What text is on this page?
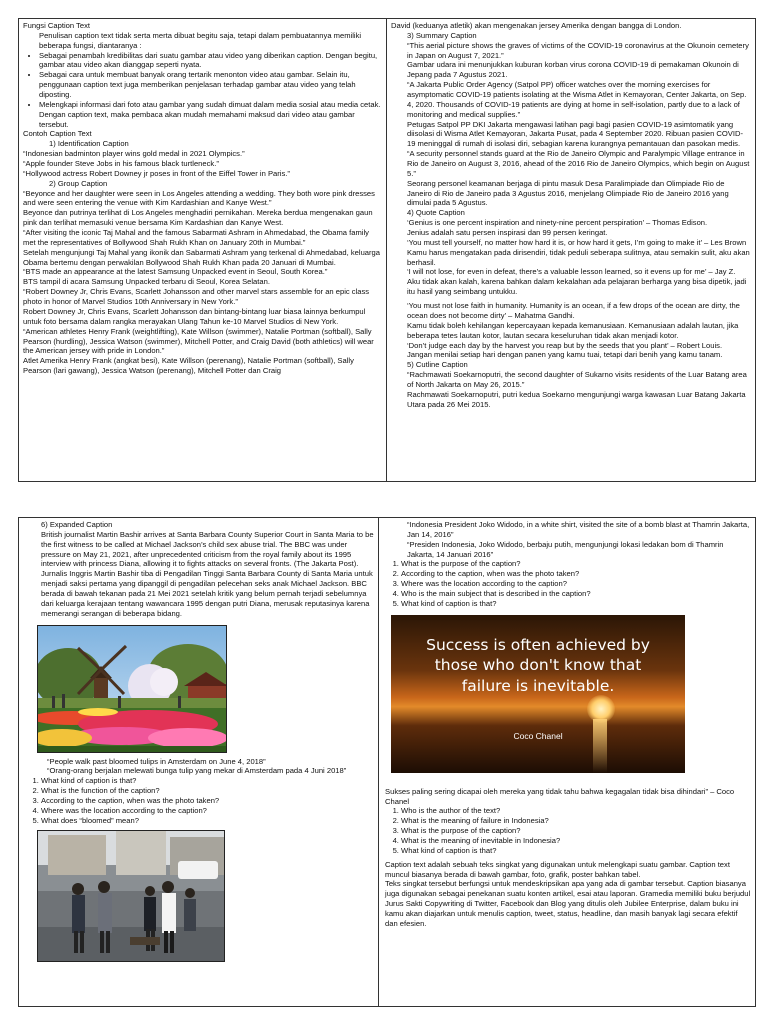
Fungsi Caption Text

Penulisan caption text tidak serta merta dibuat begitu saja, tetapi dalam pembuatannya memiliki beberapa fungsi, diantaranya :

• Sebagai penambah kredibilitas dari suatu gambar atau video yang diberikan caption. Dengan begitu, gambar atau video akan dianggap seperti nyata.
• Sebagai cara untuk membuat banyak orang tertarik menonton video atau gambar. Selain itu, penggunaan caption text juga memberikan penjelasan terhadap gambar atau video yang telah diposting.
• Melengkapi informasi dari foto atau gambar yang sudah dimuat dalam media sosial atau media cetak. Dengan caption text, maka pembaca akan mudah memahami maksud dari video atau gambar tersebut.

Contoh Caption Text

1) Identification Caption

“Indonesian badminton player wins gold medal in 2021 Olympics.”

“Apple founder Steve Jobs in his famous black turtleneck.”

“Hollywood actress Robert Downey jr poses in front of the Eiffel Tower in Paris.”

2) Group Caption

“Beyonce and her daughter were seen in Los Angeles attending a wedding. They both wore pink dresses and were seen entering the venue with Kim Kardashian and Kanye West.”

Beyonce dan putrinya terlihat di Los Angeles menghadiri pernikahan. Mereka berdua mengenakan gaun pink dan terlihat memasuki venue bersama Kim Kardashian dan Kanye West.

“After visiting the iconic Taj Mahal and the famous Sabarmati Ashram in Ahmedabad, the Obama family met the representatives of Bollywood Shah Rukh Khan on January 20th in Mumbai.”

Setelah mengunjungi Taj Mahal yang ikonik dan Sabarmati Ashram yang terkenal di Ahmedabad, keluarga Obama bertemu dengan perwakilan Bollywood Shah Rukh Khan pada 20 Januari di Mumbai.

“BTS made an appearance at the latest Samsung Unpacked event in Seoul, South Korea.”

BTS tampil di acara Samsung Unpacked terbaru di Seoul, Korea Selatan.

“Robert Downey Jr, Chris Evans, Scarlett Johansson and other marvel stars assemble for an epic class photo in honor of Marvel Studios 10th Anniversary in New York.”

Robert Downey Jr, Chris Evans, Scarlett Johansson dan bintang-bintang luar biasa lainnya berkumpul untuk foto bersama dalam rangka merayakan Ulang Tahun ke-10 Marvel Studios di New York.

“American athletes Henry Frank (weightlifting), Kate Willson (swimmer), Natalie Portman (softball), Sally Pearson (hurdling), Jessica Watson (swimmer), Mitchell Potter, and Craig David (both athletics) will wear the American jersey with pride in London.”

Atlet Amerika Henry Frank (angkat besi), Kate Willson (perenang), Natalie Portman (softball), Sally Pearson (lari gawang), Jessica Watson (perenang), Mitchell Potter dan Craig

David (keduanya atletik) akan mengenakan jersey Amerika dengan bangga di London.

3) Summary Caption

“This aerial picture shows the graves of victims of the COVID-19 coronavirus at the Okunoin cemetery in Japan on August 7, 2021.”

Gambar udara ini menunjukkan kuburan korban virus corona COVID-19 di pemakaman Okunoin di Jepang pada 7 Agustus 2021.

“A Jakarta Public Order Agency (Satpol PP) officer watches over the morning exercises for asymptomatic COVID-19 patients isolating at the Wisma Atlet in Kemayoran, Center Jakarta, on Sep. 4, 2020. Thousands of COVID-19 patients are dying at home in self-isolation, partly due to a lack of monitoring and medical supplies.”

Petugas Satpol PP DKI Jakarta mengawasi latihan pagi bagi pasien COVID-19 asimtomatik yang diisolasi di Wisma Atlet Kemayoran, Jakarta Pusat, pada 4 September 2020. Ribuan pasien COVID-19 meninggal di rumah di isolasi diri, sebagian karena kurangnya pemantauan dan pasokan medis.

“A security personnel stands guard at the Rio de Janeiro Olympic and Paralympic Village entrance in Rio de Janeiro on August 3, 2016, ahead of the 2016 Rio de Janeiro Olympics, which begin on August 5.”

Seorang personel keamanan berjaga di pintu masuk Desa Paralimpiade dan Olimpiade Rio de Janeiro di Rio de Janeiro pada 3 Agustus 2016, menjelang Olimpiade Rio de Janeiro 2016 yang dimulai pada 5 Agustus.

4) Quote Caption

‘Genius is one percent inspiration and ninety-nine percent perspiration’ – Thomas Edison.

Jenius adalah satu persen inspirasi dan 99 persen keringat.

‘You must tell yourself, no matter how hard it is, or how hard it gets, I’m going to make it’ – Les Brown

Kamu harus mengatakan pada dirisendiri, tidak peduli seberapa sulitnya, atau semakin sulit, aku akan berhasil.

‘I will not lose, for even in defeat, there’s a valuable lesson learned, so it evens up for me’ – Jay Z.

Aku tidak akan kalah, karena bahkan dalam kekalahan ada pelajaran berharga yang bisa dipetik, jadi itu hasil yang seimbang untukku.

‘You must not lose faith in humanity. Humanity is an ocean, if a few drops of the ocean are dirty, the ocean does not become dirty’ – Mahatma Gandhi.

Kamu tidak boleh kehilangan kepercayaan kepada kemanusiaan. Kemanusiaan adalah lautan, jika beberapa tetes lautan kotor, lautan secara keseluruhan tidak akan menjadi kotor.

‘Don’t judge each day by the harvest you reap but by the seeds that you plant’ – Robert Louis.

Jangan menilai setiap hari dengan panen yang kamu tuai, tetapi dari benih yang kamu tanam.

5) Cutline Caption

“Rachmawati Soekarnoputri, the second daughter of Sukarno visits residents of the Luar Batang area of North Jakarta on May 26, 2015.”

Rachmawati Soekarnoputri, putri kedua Soekarno mengunjungi warga kawasan Luar Batang Jakarta Utara pada 26 Mei 2015.

6) Expanded Caption

British journalist Martin Bashir arrives at Santa Barbara County Superior Court in Santa Maria to be the first witness to be called at Michael Jackson’s child sex abuse trial. The BBC was under pressure on May 21, 2021, after unprecedented criticism from the royal family about its 1995 interview with princess Diana, allowing it to fights attacks on several fronts. (The Jakarta Post).

Jurnalis Inggris Martin Bashir tiba di Pengadilan Tinggi Santa Barbara County di Santa Maria untuk menjadi saksi pertama yang dipanggil di pengadilan pelecehan seks anak Michael Jackson. BBC berada di bawah tekanan pada 21 Mei 2021 setelah kritik yang belum pernah terjadi sebelumnya dari keluarga kerajaan tentang wawancara 1995 dengan putri Diana, merusak reputasinya karena memerangi serangan di beberapa bidang.

“People walk past bloomed tulips in Amsterdam on June 4, 2018”

“Orang-orang berjalan melewati bunga tulip yang mekar di Amsterdam pada 4 Juni 2018”

1. What kind of caption is that?
2. What is the function of the caption?
3. According to the caption, when was the photo taken?
4. Where was the location according to the caption?
5. What does “bloomed” mean?

“Indonesia President Joko Widodo, in a white shirt, visited the site of a bomb blast at Thamrin Jakarta, Jan 14, 2016”

“Presiden Indonesia, Joko Widodo, berbaju putih, mengunjungi lokasi ledakan bom di Thamrin Jakarta, 14 Januari 2016”

1. What is the purpose of the caption?
2. According to the caption, when was the photo taken?
3. Where was the location according to the caption?
4. Who is the main subject that is described in the caption?
5. What kind of caption is that?
Success is often achieved by those who don't know that failure is inevitable.
Coco Chanel

Sukses paling sering dicapai oleh mereka yang tidak tahu bahwa kegagalan tidak bisa dihindari” – Coco Chanel

1. Who is the author of the text?
2. What is the meaning of failure in Indonesia?
3. What is the purpose of the caption?
4. What is the meaning of inevitable in Indonesia?
5. What kind of caption is that?

Caption text adalah sebuah teks singkat yang digunakan untuk melengkapi suatu gambar. Caption text muncul biasanya berada di bawah gambar, foto, grafik, poster bahkan tabel.

Teks singkat tersebut berfungsi untuk mendeskripsikan apa yang ada di gambar tersebut. Caption biasanya juga digunakan sebagai penekanan suatu konten artikel, esai atau laporan. Gramedia memiliki buku berjudul Jurus Sakti Copywriting di Twitter, Facebook dan Blog yang ditulis oleh Jubilee Enterprise, dalam buku ini kamu akan diajarkan untuk menulis caption, tweet, status, headline, dan masih banyak lagi secara efektif dan efesien.
